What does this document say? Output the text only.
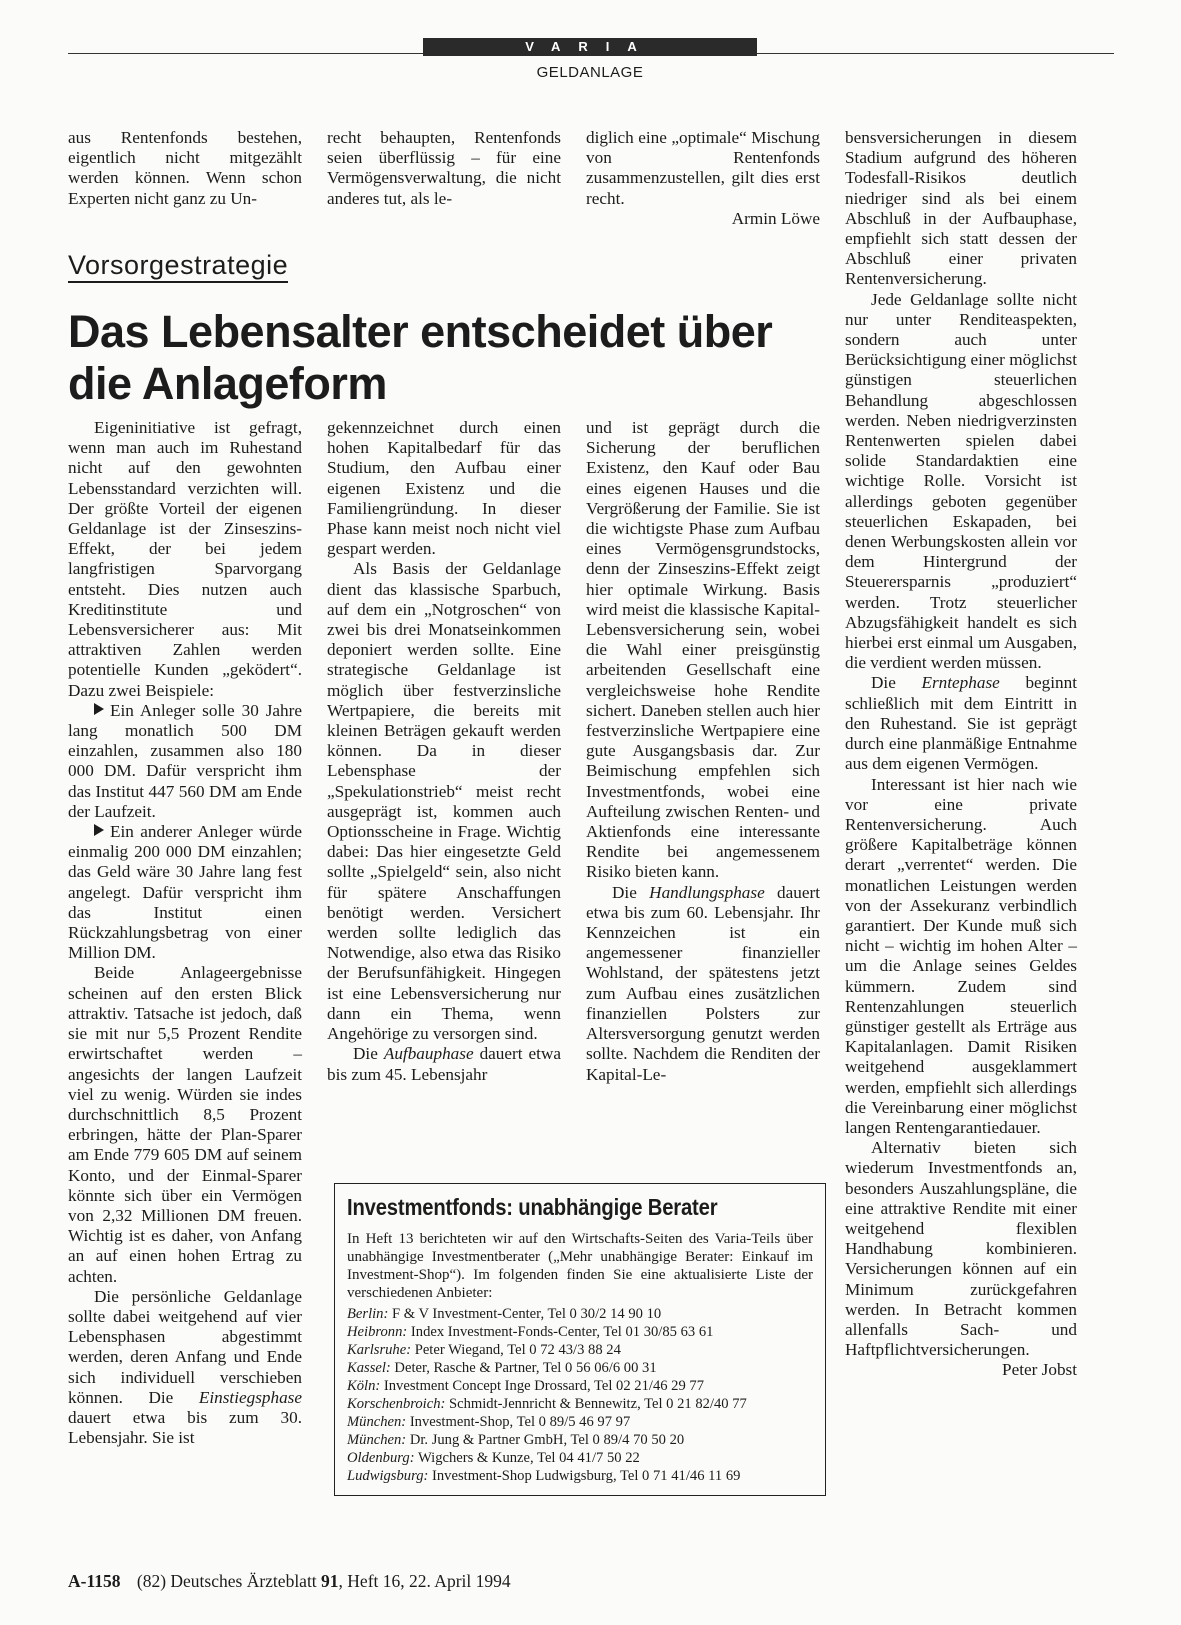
VARIA
GELDANLAGE

aus Rentenfonds bestehen, eigentlich nicht mitgezählt werden können. Wenn schon Experten nicht ganz zu Un-

recht behaupten, Rentenfonds seien überflüssig – für eine Vermögensverwaltung, die nicht anderes tut, als le-

diglich eine „optimale“ Mischung von Rentenfonds zusammenzustellen, gilt dies erst recht.

Armin Löwe
Vorsorgestrategie
Das Lebensalter entscheidet über die Anlageform

Eigeninitiative ist gefragt, wenn man auch im Ruhestand nicht auf den gewohnten Lebensstandard verzichten will. Der größte Vorteil der eigenen Geldanlage ist der Zinseszins-Effekt, der bei jedem langfristigen Sparvorgang entsteht. Dies nutzen auch Kreditinstitute und Lebensversicherer aus: Mit attraktiven Zahlen werden potentielle Kunden „geködert“. Dazu zwei Beispiele:

Ein Anleger solle 30 Jahre lang monatlich 500 DM einzahlen, zusammen also 180 000 DM. Dafür verspricht ihm das Institut 447 560 DM am Ende der Laufzeit.

Ein anderer Anleger würde einmalig 200 000 DM einzahlen; das Geld wäre 30 Jahre lang fest angelegt. Dafür verspricht ihm das Institut einen Rückzahlungsbetrag von einer Million DM.

Beide Anlageergebnisse scheinen auf den ersten Blick attraktiv. Tatsache ist jedoch, daß sie mit nur 5,5 Prozent Rendite erwirtschaftet werden – angesichts der langen Laufzeit viel zu wenig. Würden sie indes durchschnittlich 8,5 Prozent erbringen, hätte der Plan-Sparer am Ende 779 605 DM auf seinem Konto, und der Einmal-Sparer könnte sich über ein Vermögen von 2,32 Millionen DM freuen. Wichtig ist es daher, von Anfang an auf einen hohen Ertrag zu achten.

Die persönliche Geldanlage sollte dabei weitgehend auf vier Lebensphasen abgestimmt werden, deren Anfang und Ende sich individuell verschieben können. Die Einstiegsphase dauert etwa bis zum 30. Lebensjahr. Sie ist

gekennzeichnet durch einen hohen Kapitalbedarf für das Studium, den Aufbau einer eigenen Existenz und die Familiengründung. In dieser Phase kann meist noch nicht viel gespart werden.

Als Basis der Geldanlage dient das klassische Sparbuch, auf dem ein „Notgroschen“ von zwei bis drei Monatseinkommen deponiert werden sollte. Eine strategische Geldanlage ist möglich über festverzinsliche Wertpapiere, die bereits mit kleinen Beträgen gekauft werden können. Da in dieser Lebensphase der „Spekulationstrieb“ meist recht ausgeprägt ist, kommen auch Optionsscheine in Frage. Wichtig dabei: Das hier eingesetzte Geld sollte „Spielgeld“ sein, also nicht für spätere Anschaffungen benötigt werden. Versichert werden sollte lediglich das Notwendige, also etwa das Risiko der Berufsunfähigkeit. Hingegen ist eine Lebensversicherung nur dann ein Thema, wenn Angehörige zu versorgen sind.

Die Aufbauphase dauert etwa bis zum 45. Lebensjahr

und ist geprägt durch die Sicherung der beruflichen Existenz, den Kauf oder Bau eines eigenen Hauses und die Vergrößerung der Familie. Sie ist die wichtigste Phase zum Aufbau eines Vermögensgrundstocks, denn der Zinseszins-Effekt zeigt hier optimale Wirkung. Basis wird meist die klassische Kapital-Lebensversicherung sein, wobei die Wahl einer preisgünstig arbeitenden Gesellschaft eine vergleichsweise hohe Rendite sichert. Daneben stellen auch hier festverzinsliche Wertpapiere eine gute Ausgangsbasis dar. Zur Beimischung empfehlen sich Investmentfonds, wobei eine Aufteilung zwischen Renten- und Aktienfonds eine interessante Rendite bei angemessenem Risiko bieten kann.

Die Handlungsphase dauert etwa bis zum 60. Lebensjahr. Ihr Kennzeichen ist ein angemessener finanzieller Wohlstand, der spätestens jetzt zum Aufbau eines zusätzlichen finanziellen Polsters zur Altersversorgung genutzt werden sollte. Nachdem die Renditen der Kapital-Le-

bensversicherungen in diesem Stadium aufgrund des höheren Todesfall-Risikos deutlich niedriger sind als bei einem Abschluß in der Aufbauphase, empfiehlt sich statt dessen der Abschluß einer privaten Rentenversicherung.

Jede Geldanlage sollte nicht nur unter Renditeaspekten, sondern auch unter Berücksichtigung einer möglichst günstigen steuerlichen Behandlung abgeschlossen werden. Neben niedrigverzinsten Rentenwerten spielen dabei solide Standardaktien eine wichtige Rolle. Vorsicht ist allerdings geboten gegenüber steuerlichen Eskapaden, bei denen Werbungskosten allein vor dem Hintergrund der Steuerersparnis „produziert“ werden. Trotz steuerlicher Abzugsfähigkeit handelt es sich hierbei erst einmal um Ausgaben, die verdient werden müssen.

Die Erntephase beginnt schließlich mit dem Eintritt in den Ruhestand. Sie ist geprägt durch eine planmäßige Entnahme aus dem eigenen Vermögen.

Interessant ist hier nach wie vor eine private Rentenversicherung. Auch größere Kapitalbeträge können derart „verrentet“ werden. Die monatlichen Leistungen werden von der Assekuranz verbindlich garantiert. Der Kunde muß sich nicht – wichtig im hohen Alter – um die Anlage seines Geldes kümmern. Zudem sind Rentenzahlungen steuerlich günstiger gestellt als Erträge aus Kapitalanlagen. Damit Risiken weitgehend ausgeklammert werden, empfiehlt sich allerdings die Vereinbarung einer möglichst langen Rentengarantiedauer.

Alternativ bieten sich wiederum Investmentfonds an, besonders Auszahlungspläne, die eine attraktive Rendite mit einer weitgehend flexiblen Handhabung kombinieren. Versicherungen können auf ein Minimum zurückgefahren werden. In Betracht kommen allenfalls Sach- und Haftpflichtversicherungen.

Peter Jobst
Investmentfonds: unabhängige Berater

In Heft 13 berichteten wir auf den Wirtschafts-Seiten des Varia-Teils über unabhängige Investmentberater („Mehr unabhängige Berater: Einkauf im Investment-Shop“). Im folgenden finden Sie eine aktualisierte Liste der verschiedenen Anbieter:

Berlin: F & V Investment-Center, Tel 0 30/2 14 90 10
Heibronn: Index Investment-Fonds-Center, Tel 01 30/85 63 61
Karlsruhe: Peter Wiegand, Tel 0 72 43/3 88 24
Kassel: Deter, Rasche & Partner, Tel 0 56 06/6 00 31
Köln: Investment Concept Inge Drossard, Tel 02 21/46 29 77
Korschenbroich: Schmidt-Jennricht & Bennewitz, Tel 0 21 82/40 77
München: Investment-Shop, Tel 0 89/5 46 97 97
München: Dr. Jung & Partner GmbH, Tel 0 89/4 70 50 20
Oldenburg: Wigchers & Kunze, Tel 04 41/7 50 22
Ludwigsburg: Investment-Shop Ludwigsburg, Tel 0 71 41/46 11 69
A-1158 (82) Deutsches Ärzteblatt 91, Heft 16, 22. April 1994
